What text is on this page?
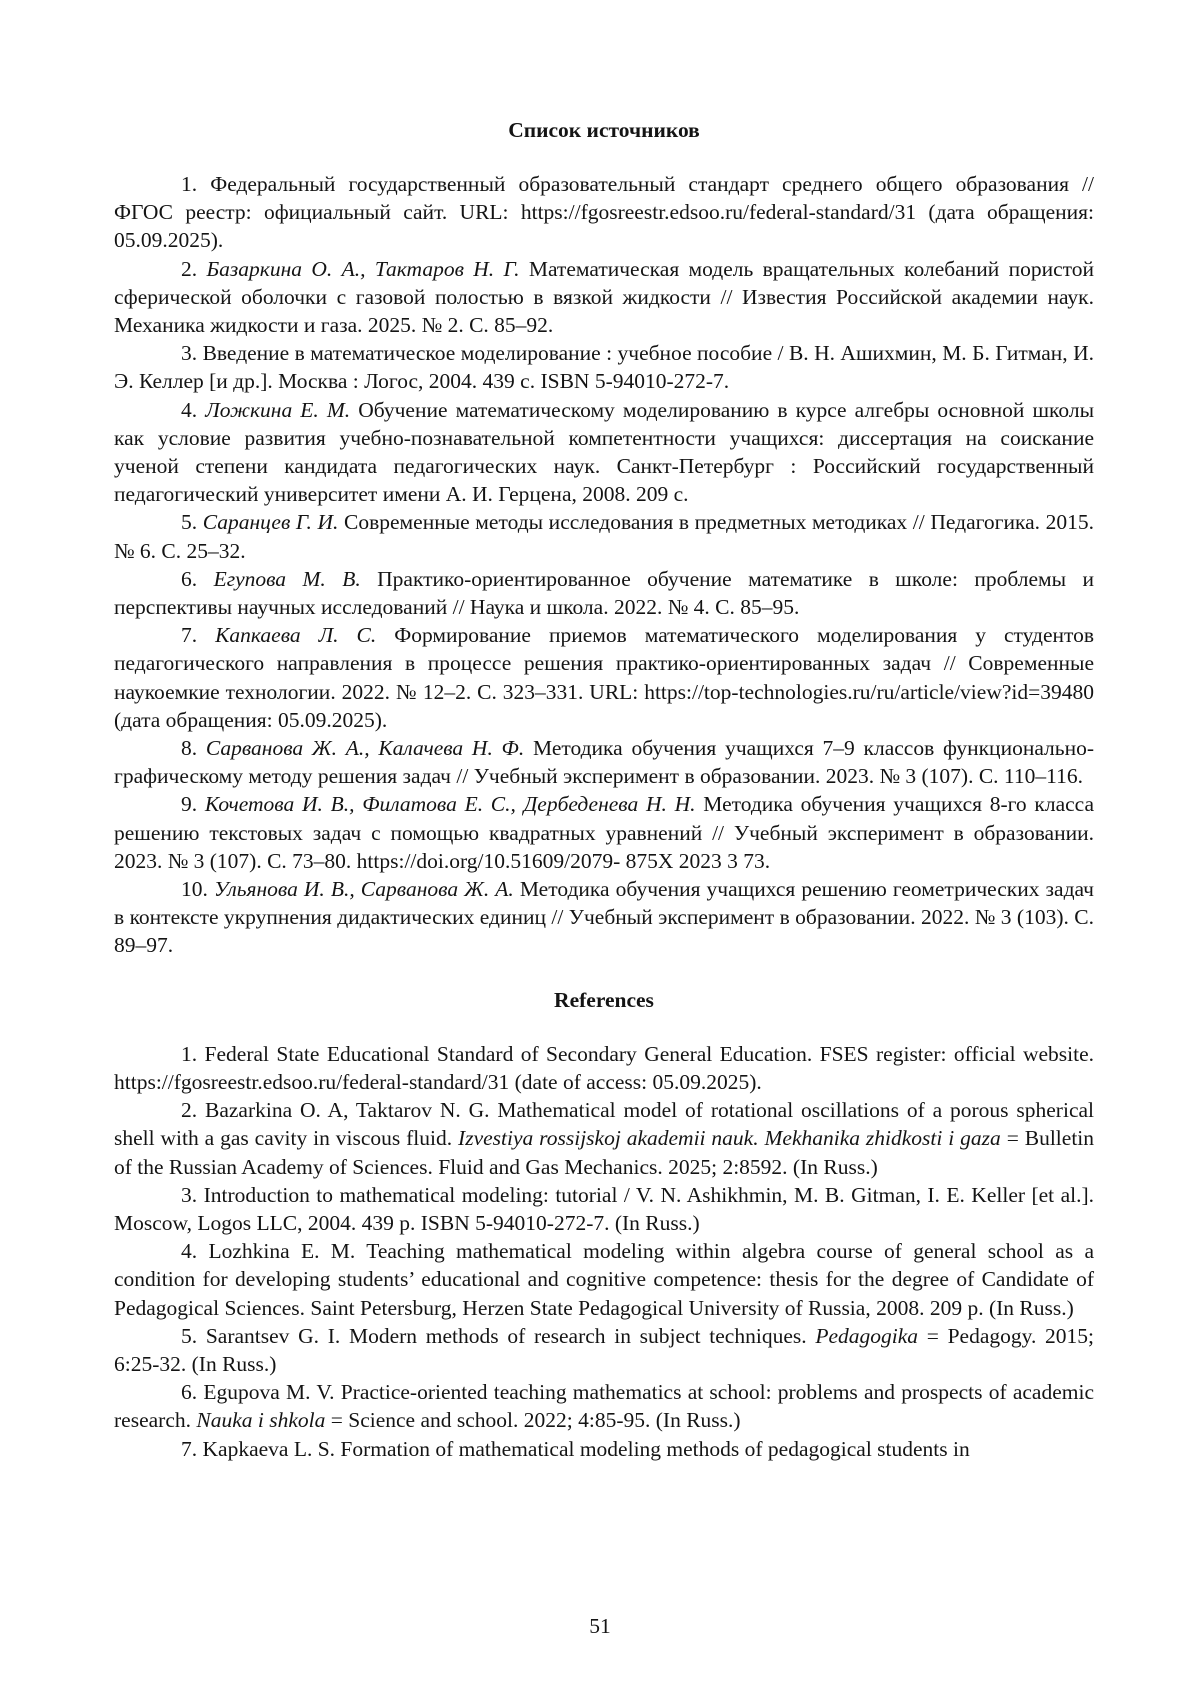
Список источников

1. Федеральный государственный образовательный стандарт среднего общего образования // ФГОС реестр: официальный сайт. URL: https://fgosreestr.edsoo.ru/federal-standard/31 (дата обращения: 05.09.2025).

2. Базаркина О. А., Тактаров Н. Г. Математическая модель вращательных колебаний пористой сферической оболочки с газовой полостью в вязкой жидкости // Известия Российской академии наук. Механика жидкости и газа. 2025. № 2. С. 85–92.

3. Введение в математическое моделирование : учебное пособие / В. Н. Ашихмин, М. Б. Гитман, И. Э. Келлер [и др.]. Москва : Логос, 2004. 439 с. ISBN 5-94010-272-7.

4. Ложкина Е. М. Обучение математическому моделированию в курсе алгебры основной школы как условие развития учебно-познавательной компетентности учащихся: диссертация на соискание ученой степени кандидата педагогических наук. Санкт-Петербург : Российский государственный педагогический университет имени А. И. Герцена, 2008. 209 с.

5. Саранцев Г. И. Современные методы исследования в предметных методиках // Педагогика. 2015. № 6. С. 25–32.

6. Егупова М. В. Практико-ориентированное обучение математике в школе: проблемы и перспективы научных исследований // Наука и школа. 2022. № 4. С. 85–95.

7. Капкаева Л. С. Формирование приемов математического моделирования у студентов педагогического направления в процессе решения практико-ориентированных задач // Современные наукоемкие технологии. 2022. № 12–2. С. 323–331. URL: https://top-technologies.ru/ru/article/view?id=39480 (дата обращения: 05.09.2025).

8. Сарванова Ж. А., Калачева Н. Ф. Методика обучения учащихся 7–9 классов функционально-графическому методу решения задач // Учебный эксперимент в образовании. 2023. № 3 (107). С. 110–116.

9. Кочетова И. В., Филатова Е. С., Дербеденева Н. Н. Методика обучения учащихся 8-го класса решению текстовых задач с помощью квадратных уравнений // Учебный эксперимент в образовании. 2023. № 3 (107). С. 73–80. https://doi.org/10.51609/2079- 875X 2023 3 73.

10. Ульянова И. В., Сарванова Ж. А. Методика обучения учащихся решению геометрических задач в контексте укрупнения дидактических единиц // Учебный эксперимент в образовании. 2022. № 3 (103). С. 89–97.

References

1. Federal State Educational Standard of Secondary General Education. FSES register: official website. https://fgosreestr.edsoo.ru/federal-standard/31 (date of access: 05.09.2025).

2. Bazarkina O. A, Taktarov N. G. Mathematical model of rotational oscillations of a porous spherical shell with a gas cavity in viscous fluid. Izvestiya rossijskoj akademii nauk. Mekhanika zhidkosti i gaza = Bulletin of the Russian Academy of Sciences. Fluid and Gas Mechanics. 2025; 2:8592. (In Russ.)

3. Introduction to mathematical modeling: tutorial / V. N. Ashikhmin, M. B. Gitman, I. E. Keller [et al.]. Moscow, Logos LLC, 2004. 439 p. ISBN 5-94010-272-7. (In Russ.)

4. Lozhkina E. M. Teaching mathematical modeling within algebra course of general school as a condition for developing students’ educational and cognitive competence: thesis for the degree of Candidate of Pedagogical Sciences. Saint Petersburg, Herzen State Pedagogical University of Russia, 2008. 209 p. (In Russ.)

5. Sarantsev G. I. Modern methods of research in subject techniques. Pedagogika = Pedagogy. 2015; 6:25-32. (In Russ.)

6. Egupova M. V. Practice-oriented teaching mathematics at school: problems and prospects of academic research. Nauka i shkola = Science and school. 2022; 4:85-95. (In Russ.)

7. Kapkaeva L. S. Formation of mathematical modeling methods of pedagogical students in

51
